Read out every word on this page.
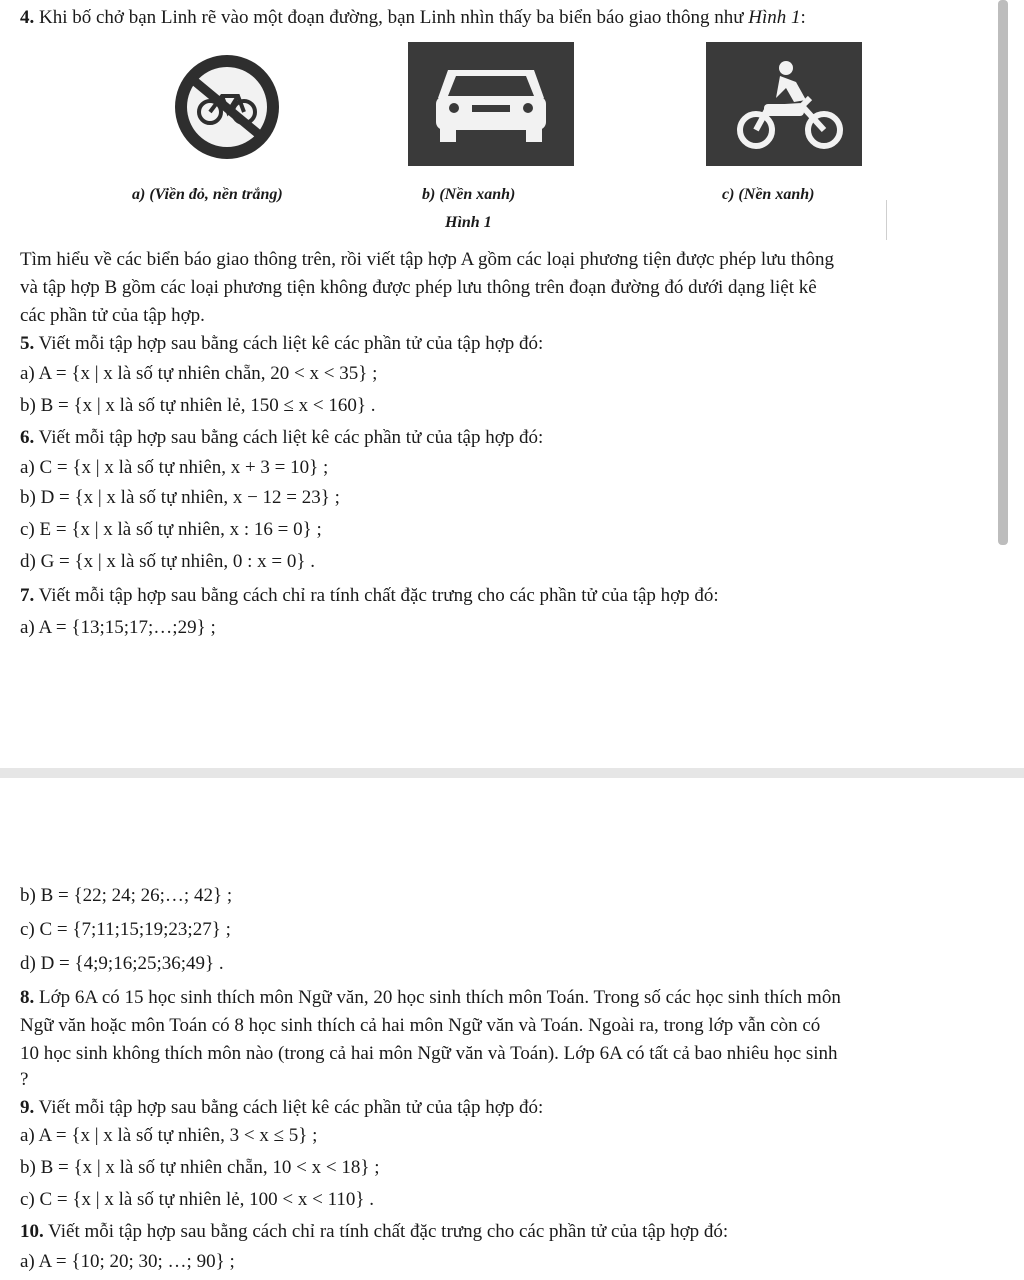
4. Khi bố chở bạn Linh rẽ vào một đoạn đường, bạn Linh nhìn thấy ba biển báo giao thông như Hình 1:
a) (Viền đỏ, nền trắng)	b) (Nền xanh)	c) (Nền xanh)
Hình 1
Tìm hiểu về các biển báo giao thông trên, rồi viết tập hợp A gồm các loại phương tiện được phép lưu thông
và tập hợp B gồm các loại phương tiện không được phép lưu thông trên đoạn đường đó dưới dạng liệt kê
các phần tử của tập hợp.
5. Viết mỗi tập hợp sau bằng cách liệt kê các phần tử của tập hợp đó:
a) A = {x | x là số tự nhiên chẵn, 20 < x < 35} ;
b) B = {x | x là số tự nhiên lẻ, 150 ≤ x < 160} .
6. Viết mỗi tập hợp sau bằng cách liệt kê các phần tử của tập hợp đó:
a) C = {x | x là số tự nhiên, x + 3 = 10} ;
b) D = {x | x là số tự nhiên, x − 12 = 23} ;
c) E = {x | x là số tự nhiên, x : 16 = 0} ;
d) G = {x | x là số tự nhiên, 0 : x = 0} .
7. Viết mỗi tập hợp sau bằng cách chỉ ra tính chất đặc trưng cho các phần tử của tập hợp đó:
a) A = {13;15;17;…;29} ;
b) B = {22; 24; 26;…; 42} ;
c) C = {7;11;15;19;23;27} ;
d) D = {4;9;16;25;36;49} .
8. Lớp 6A có 15 học sinh thích môn Ngữ văn, 20 học sinh thích môn Toán. Trong số các học sinh thích môn
Ngữ văn hoặc môn Toán có 8 học sinh thích cả hai môn Ngữ văn và Toán. Ngoài ra, trong lớp vẫn còn có
10 học sinh không thích môn nào (trong cả hai môn Ngữ văn và Toán). Lớp 6A có tất cả bao nhiêu học sinh
?
9. Viết mỗi tập hợp sau bằng cách liệt kê các phần tử của tập hợp đó:
a) A = {x | x là số tự nhiên, 3 < x ≤ 5} ;
b) B = {x | x là số tự nhiên chẵn, 10 < x < 18} ;
c) C = {x | x là số tự nhiên lẻ, 100 < x < 110} .
10. Viết mỗi tập hợp sau bằng cách chỉ ra tính chất đặc trưng cho các phần tử của tập hợp đó:
a) A = {10; 20; 30; …; 90} ;
